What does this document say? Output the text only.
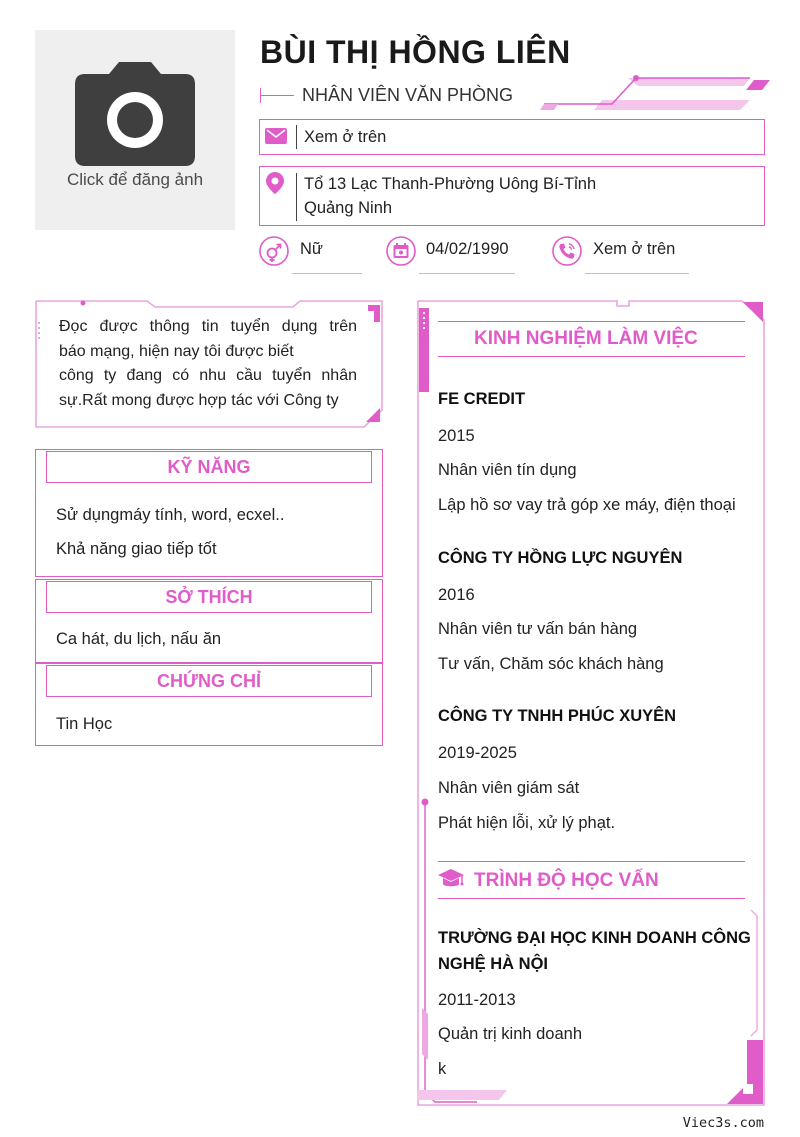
Click để đăng ảnh
BÙI THỊ HỒNG LIÊN
NHÂN VIÊN VĂN PHÒNG
Xem ở trên
Tổ 13 Lạc Thanh-Phường Uông Bí-Tỉnh
Quảng Ninh
Nữ	04/02/1990	Xem ở trên
Đọc được thông tin tuyển dụng trên
báo mạng, hiện nay tôi được biết
công ty đang có nhu cầu tuyển nhân
sự.Rất mong được hợp tác với Công ty
KỸ NĂNG
Sử dụngmáy tính, word, ecxel..
Khả năng giao tiếp tốt
SỞ THÍCH
Ca hát, du lịch, nấu ăn
CHỨNG CHỈ
Tin Học
KINH NGHIỆM LÀM VIỆC
FE CREDIT
2015
Nhân viên tín dụng
Lập hồ sơ vay trả góp xe máy, điện thoại
CÔNG TY HỒNG LỰC NGUYÊN
2016
Nhân viên tư vấn bán hàng
Tư vấn, Chăm sóc khách hàng
CÔNG TY TNHH PHÚC XUYÊN
2019-2025
Nhân viên giám sát
Phát hiện lỗi, xử lý phạt.
TRÌNH ĐỘ HỌC VẤN
TRƯỜNG ĐẠI HỌC KINH DOANH CÔNG
NGHỆ HÀ NỘI
2011-2013
Quản trị kinh doanh
k
Viec3s.com
